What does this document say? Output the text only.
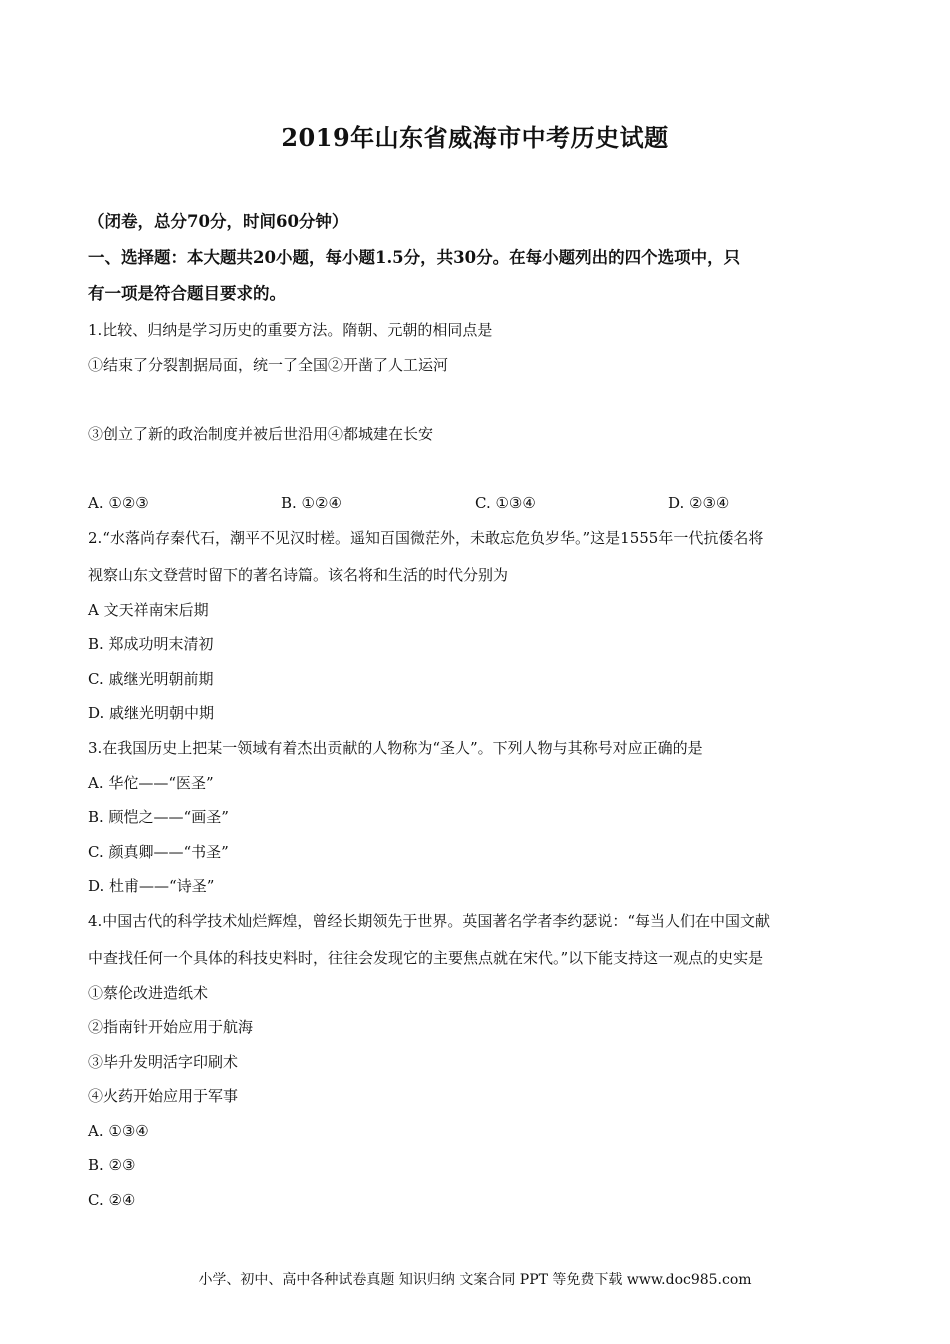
2019年山东省威海市中考历史试题
（闭卷，总分70分，时间60分钟）
一、选择题：本大题共20小题，每小题1.5分，共30分。在每小题列出的四个选项中，只
有一项是符合题目要求的。
1.比较、归纳是学习历史的重要方法。隋朝、元朝的相同点是
①结束了分裂割据局面，统一了全国②开凿了人工运河
③创立了新的政治制度并被后世沿用④都城建在长安
A. ①②③	B. ①②④	C. ①③④	D. ②③④
2.“水落尚存秦代石，潮平不见汉时槎。遥知百国微茫外，未敢忘危负岁华。”这是1555年一代抗倭名将
视察山东文登营时留下的著名诗篇。该名将和生活的时代分别为
A 文天祥南宋后期
B. 郑成功明末清初
C. 戚继光明朝前期
D. 戚继光明朝中期
3.在我国历史上把某一领域有着杰出贡献的人物称为“圣人”。下列人物与其称号对应正确的是
A. 华佗——“医圣”
B. 顾恺之——“画圣”
C. 颜真卿——“书圣”
D. 杜甫——“诗圣”
4.中国古代的科学技术灿烂辉煌，曾经长期领先于世界。英国著名学者李约瑟说：“每当人们在中国文献
中查找任何一个具体的科技史料时，往往会发现它的主要焦点就在宋代。”以下能支持这一观点的史实是
①蔡伦改进造纸术
②指南针开始应用于航海
③毕升发明活字印刷术
④火药开始应用于军事
A. ①③④
B. ②③
C. ②④
小学、初中、高中各种试卷真题 知识归纳 文案合同 PPT 等免费下载 www.doc985.com
